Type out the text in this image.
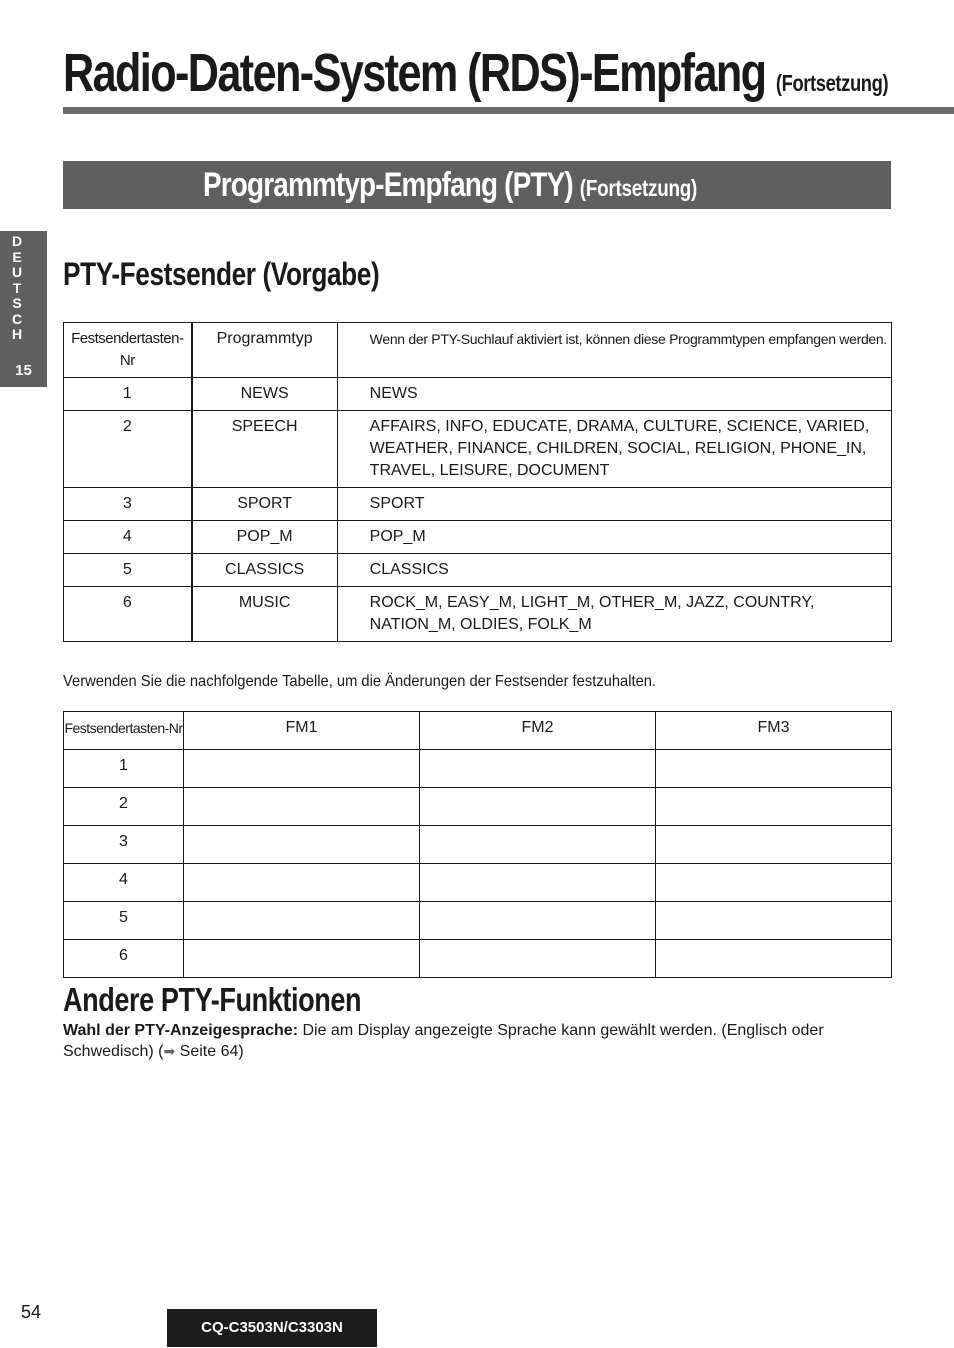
Radio-Daten-System (RDS)-Empfang (Fortsetzung)
Programmtyp-Empfang (PTY) (Fortsetzung)
D
E
U
T
S
C
H
15
PTY-Festsender (Vorgabe)
Festsendertasten-Nr	Programmtyp	Wenn der PTY-Suchlauf aktiviert ist, können diese Programmtypen empfangen werden.
1	NEWS	NEWS
2	SPEECH	AFFAIRS, INFO, EDUCATE, DRAMA, CULTURE, SCIENCE, VARIED, WEATHER, FINANCE, CHILDREN, SOCIAL, RELIGION, PHONE_IN, TRAVEL, LEISURE, DOCUMENT
3	SPORT	SPORT
4	POP_M	POP_M
5	CLASSICS	CLASSICS
6	MUSIC	ROCK_M, EASY_M, LIGHT_M, OTHER_M, JAZZ, COUNTRY, NATION_M, OLDIES, FOLK_M

Verwenden Sie die nachfolgende Tabelle, um die Änderungen der Festsender festzuhalten.

Festsendertasten-Nr	FM1	FM2	FM3
1			
2			
3			
4			
5			
6			
Andere PTY-Funktionen

Wahl der PTY-Anzeigesprache: Die am Display angezeigte Sprache kann gewählt werden. (Englisch oder
Schwedisch) (➡ Seite 64)

54
CQ-C3503N/C3303N
